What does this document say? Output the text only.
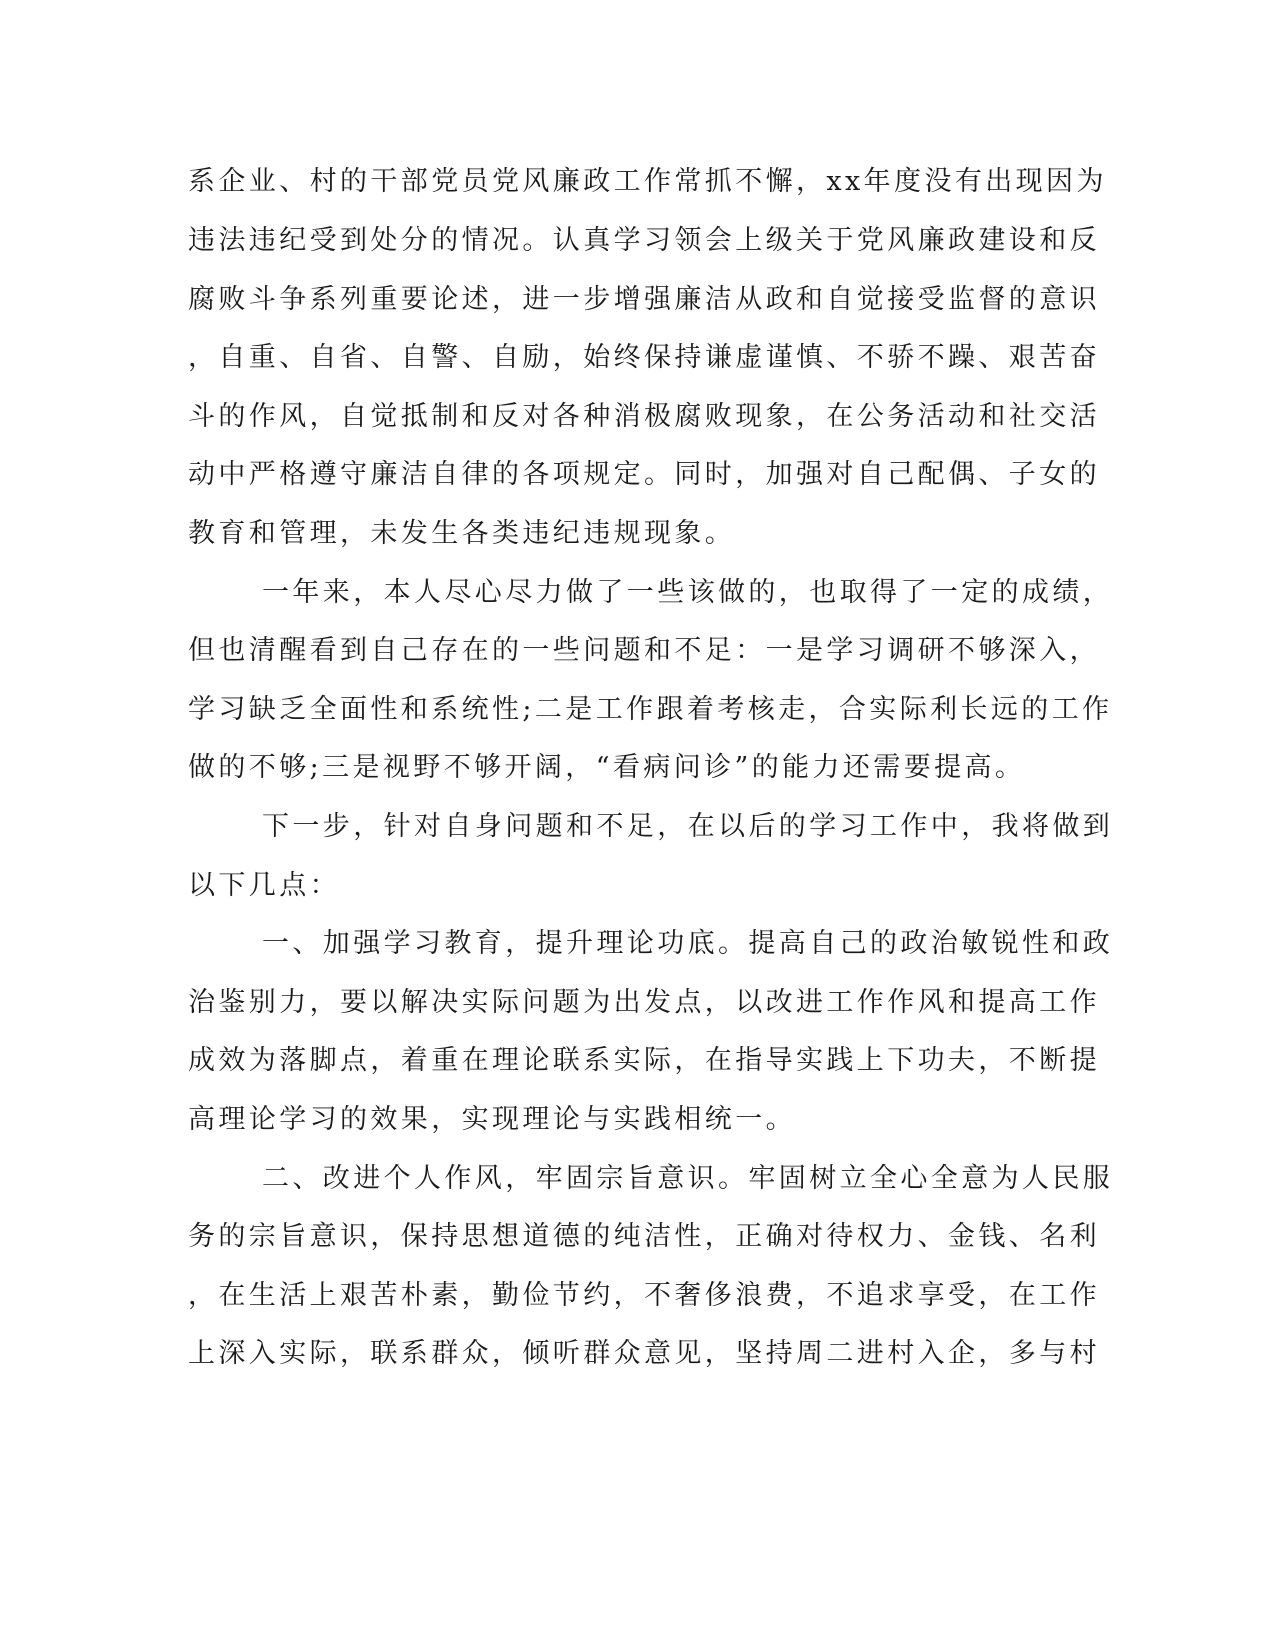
系企业、村的干部党员党风廉政工作常抓不懈，xx年度没有出现因为
违法违纪受到处分的情况。认真学习领会上级关于党风廉政建设和反
腐败斗争系列重要论述，进一步增强廉洁从政和自觉接受监督的意识
，自重、自省、自警、自励，始终保持谦虚谨慎、不骄不躁、艰苦奋
斗的作风，自觉抵制和反对各种消极腐败现象，在公务活动和社交活
动中严格遵守廉洁自律的各项规定。同时，加强对自己配偶、子女的
教育和管理，未发生各类违纪违规现象。
一年来，本人尽心尽力做了一些该做的，也取得了一定的成绩，
但也清醒看到自己存在的一些问题和不足：一是学习调研不够深入，
学习缺乏全面性和系统性;二是工作跟着考核走，合实际利长远的工作
做的不够;三是视野不够开阔，“看病问诊”的能力还需要提高。
下一步，针对自身问题和不足，在以后的学习工作中，我将做到
以下几点：
一、加强学习教育，提升理论功底。提高自己的政治敏锐性和政
治鉴别力，要以解决实际问题为出发点，以改进工作作风和提高工作
成效为落脚点，着重在理论联系实际，在指导实践上下功夫，不断提
高理论学习的效果，实现理论与实践相统一。
二、改进个人作风，牢固宗旨意识。牢固树立全心全意为人民服
务的宗旨意识，保持思想道德的纯洁性，正确对待权力、金钱、名利
，在生活上艰苦朴素，勤俭节约，不奢侈浪费，不追求享受，在工作
上深入实际，联系群众，倾听群众意见，坚持周二进村入企，多与村
